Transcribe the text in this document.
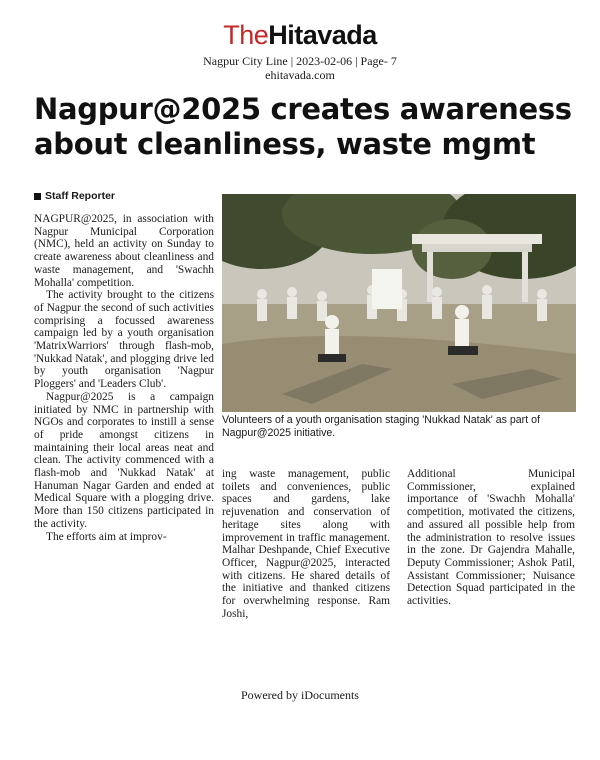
TheHitavada
Nagpur City Line | 2023-02-06 | Page- 7
ehitavada.com
Nagpur@2025 creates awareness about cleanliness, waste mgmt
Staff Reporter

NAGPUR@2025, in association with Nagpur Municipal Corporation (NMC), held an activity on Sunday to create awareness about cleanliness and waste management, and 'Swachh Mohalla' competition.

The activity brought to the citizens of Nagpur the second of such activities comprising a focussed awareness campaign led by a youth organisation 'MatrixWarriors' through flash-mob, 'Nukkad Natak', and plogging drive led by youth organisation 'Nagpur Ploggers' and 'Leaders Club'.

Nagpur@2025 is a campaign initiated by NMC in partnership with NGOs and corporates to instill a sense of pride amongst citizens in maintaining their local areas neat and clean. The activity commenced with a flash-mob and 'Nukkad Natak' at Hanuman Nagar Garden and ended at Medical Square with a plogging drive. More than 150 citizens participated in the activity.

The efforts aim at improv-

Volunteers of a youth organisation staging 'Nukkad Natak' as part of Nagpur@2025 initiative.

ing waste management, public toilets and conveniences, public spaces and gardens, lake rejuvenation and conservation of heritage sites along with improvement in traffic management. Malhar Deshpande, Chief Executive Officer, Nagpur@2025, interacted with citizens. He shared details of the initiative and thanked citizens for overwhelming response. Ram Joshi,

Additional Municipal Commissioner, explained importance of 'Swachh Mohalla' competition, motivated the citizens, and assured all possible help from the administration to resolve issues in the zone. Dr Gajendra Mahalle, Deputy Commissioner; Ashok Patil, Assistant Commissioner; Nuisance Detection Squad participated in the activities.

Powered by iDocuments
